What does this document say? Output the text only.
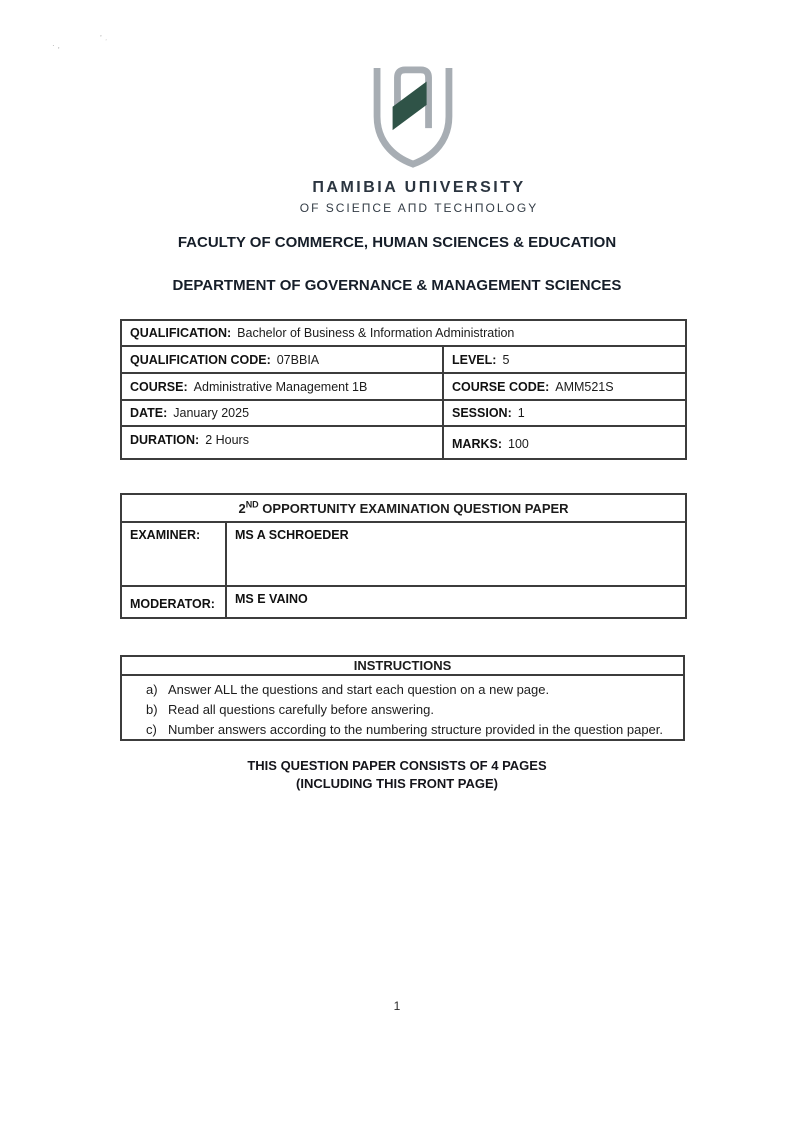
·,
’˒
ΠAMIBIA UΠIVERSITY
OF SCIEΠCE AΠD TECHΠOLOGY
FACULTY OF COMMERCE, HUMAN SCIENCES & EDUCATION
DEPARTMENT OF GOVERNANCE & MANAGEMENT SCIENCES
QUALIFICATION: Bachelor of Business & Information Administration	
QUALIFICATION CODE: 07BBIA	LEVEL: 5
COURSE: Administrative Management 1B	COURSE CODE: AMM521S
DATE: January 2025	SESSION: 1
DURATION: 2 Hours	MARKS: 100
2ND OPPORTUNITY EXAMINATION QUESTION PAPER	
EXAMINER:	MS A SCHROEDER
MODERATOR:	MS E VAINO
INSTRUCTIONS
a) Answer ALL the questions and start each question on a new page.
b) Read all questions carefully before answering.
c) Number answers according to the numbering structure provided in the question paper.
THIS QUESTION PAPER CONSISTS OF 4 PAGES
(INCLUDING THIS FRONT PAGE)
1
